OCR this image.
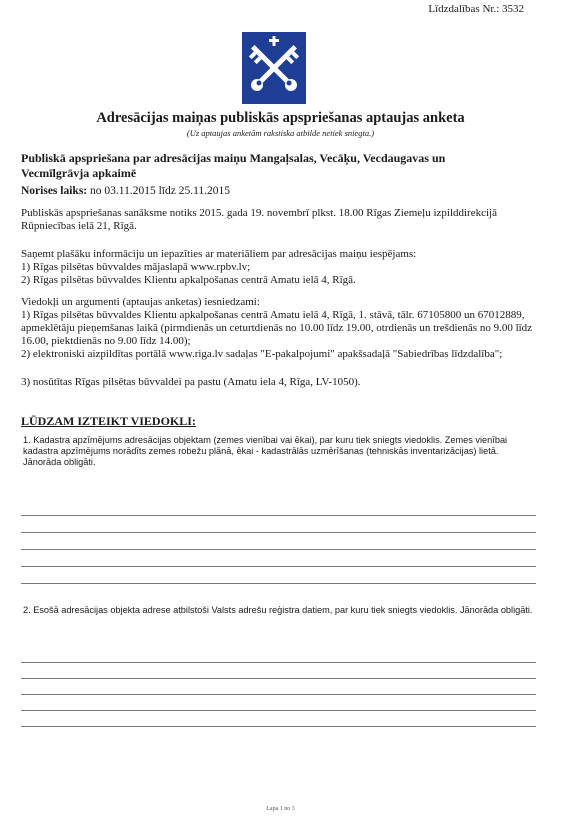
Līdzdalības Nr.: 3532
Adresācijas maiņas publiskās apspriešanas aptaujas anketa
(Uz aptaujas anketām rakstiska atbilde netiek sniegta.)
Publiskā apspriešana par adresācijas maiņu Mangaļsalas, Vecāķu, Vecdaugavas un Vecmīlgrāvja apkaimē
Norises laiks: no 03.11.2015 līdz 25.11.2015
Publiskās apspriešanas sanāksme notiks 2015. gada 19. novembrī plkst. 18.00 Rīgas Ziemeļu izpilddirekcijā Rūpniecības ielā 21, Rīgā.
Saņemt plašāku informāciju un iepazīties ar materiāliem par adresācijas maiņu iespējams:
1) Rīgas pilsētas būvvaldes mājaslapā www.rpbv.lv;
2) Rīgas pilsētas būvvaldes Klientu apkalpošanas centrā Amatu ielā 4, Rīgā.
Viedokļi un argumenti (aptaujas anketas) iesniedzami:
1) Rīgas pilsētas būvvaldes Klientu apkalpošanas centrā Amatu ielā 4, Rīgā, 1. stāvā, tālr. 67105800 un 67012889, apmeklētāju pieņemšanas laikā (pirmdienās un ceturtdienās no 10.00 līdz 19.00, otrdienās un trešdienās no 9.00 līdz 16.00, piektdienās no 9.00 līdz 14.00);
2) elektroniski aizpildītas portālā www.riga.lv sadaļas "E-pakalpojumi" apakšsadaļā "Sabiedrības līdzdalība";
3) nosūtītas Rīgas pilsētas būvvaldei pa pastu (Amatu iela 4, Rīga, LV-1050).
LŪDZAM IZTEIKT VIEDOKLI:
1. Kadastra apzīmējums adresācijas objektam (zemes vienībai vai ēkai), par kuru tiek sniegts viedoklis. Zemes vienībai kadastra apzīmējums norādīts zemes robežu plānā, ēkai - kadastrālās uzmērīšanas (tehniskās inventarizācijas) lietā.
Jānorāda obligāti.
2. Esošā adresācijas objekta adrese atbilstoši Valsts adrešu reģistra datiem, par kuru tiek sniegts viedoklis. Jānorāda obligāti.
Lapa 1 no 3
